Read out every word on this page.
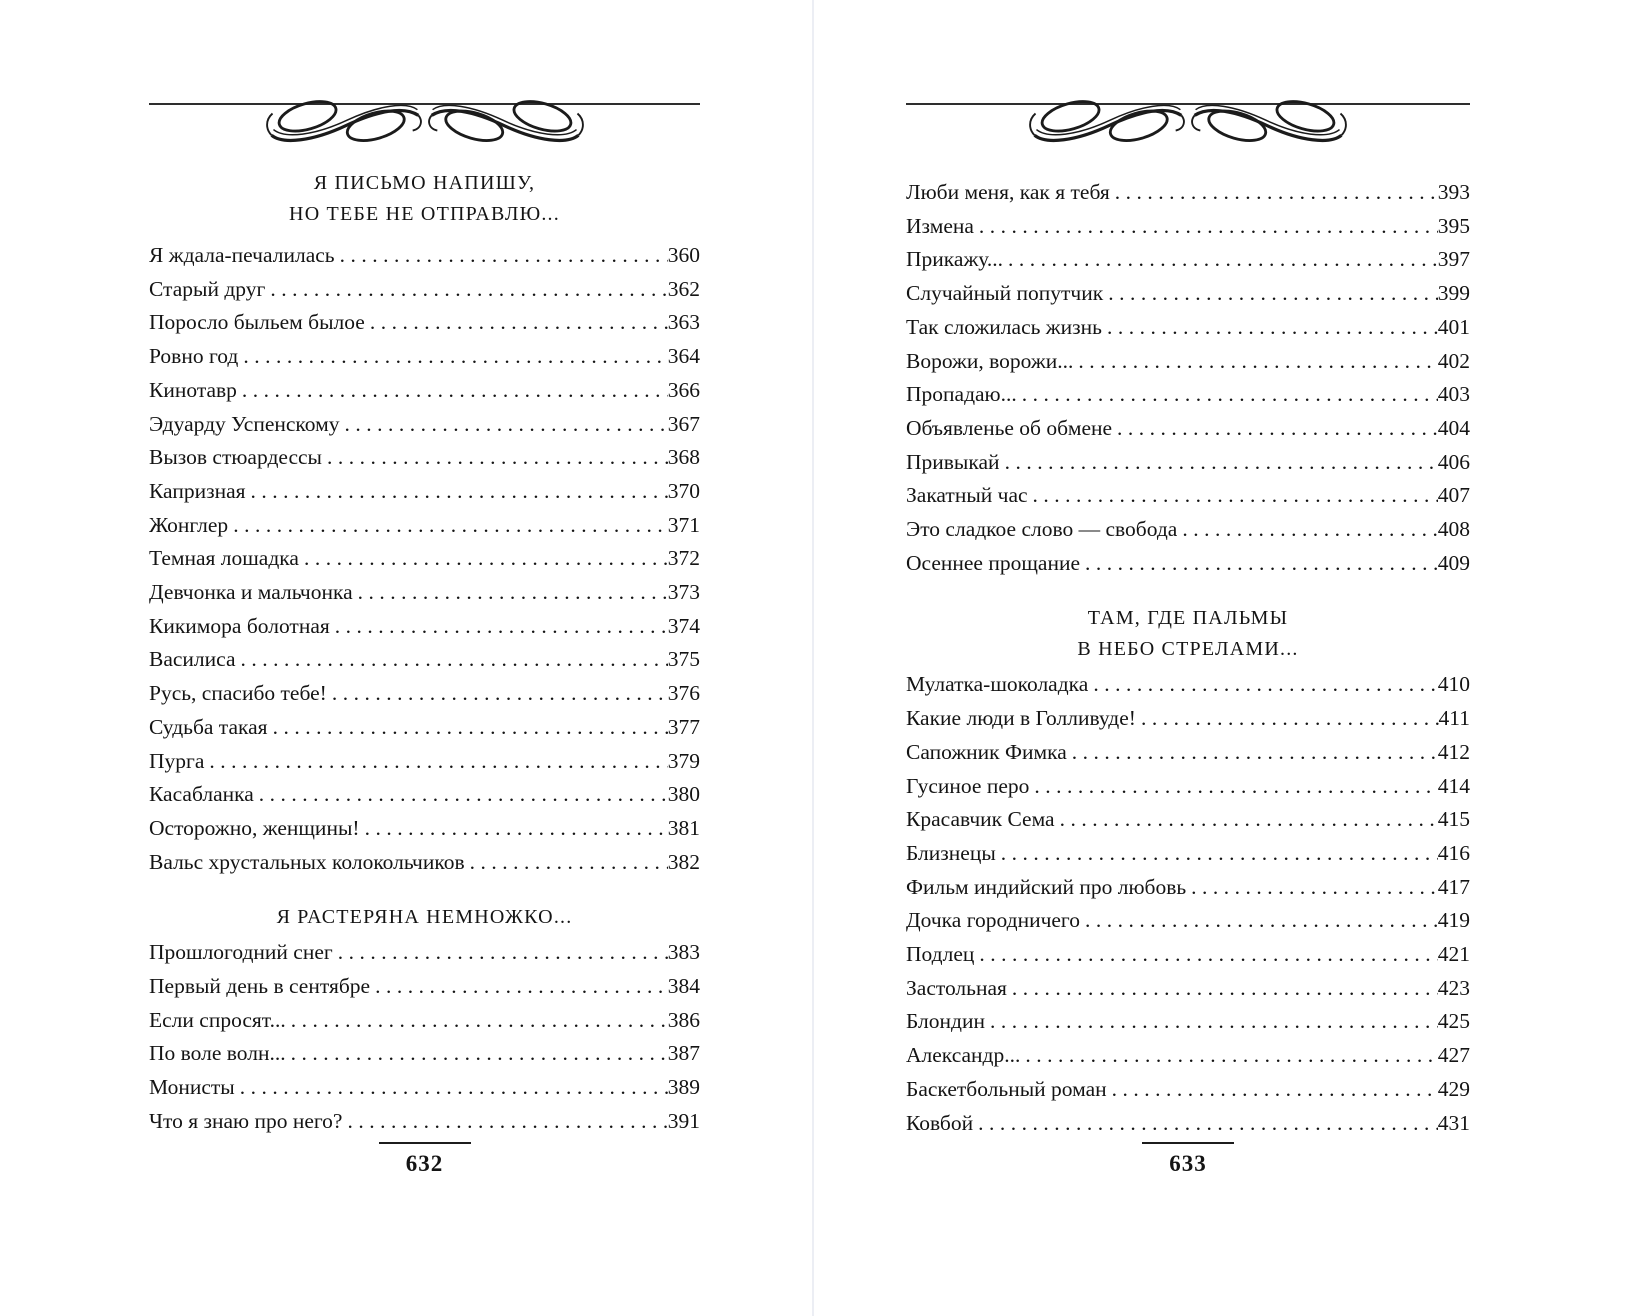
Я ПИСЬМО НАПИШУ,
НО ТЕБЕ НЕ ОТПРАВЛЮ...
Я ждала-печалилась .....	360
Старый друг .....	362
Поросло быльем былое .....	363
Ровно год .....	364
Кинотавр .....	366
Эдуарду Успенскому .....	367
Вызов стюардессы .....	368
Капризная .....	370
Жонглер .....	371
Темная лошадка .....	372
Девчонка и мальчонка .....	373
Кикимора болотная .....	374
Василиса .....	375
Русь, спасибо тебе! .....	376
Судьба такая .....	377
Пурга .....	379
Касабланка .....	380
Осторожно, женщины! .....	381
Вальс хрустальных колокольчиков .....	382
Я РАСТЕРЯНА НЕМНОЖКО...
Прошлогодний снег .....	383
Первый день в сентябре .....	384
Если спросят... .....	386
По воле волн... .....	387
Монисты .....	389
Что я знаю про него? .....	391
632
Люби меня, как я тебя .....	393
Измена .....	395
Прикажу... .....	397
Случайный попутчик .....	399
Так сложилась жизнь .....	401
Ворожи, ворожи... .....	402
Пропадаю... .....	403
Объявленье об обмене .....	404
Привыкай .....	406
Закатный час .....	407
Это сладкое слово — свобода .....	408
Осеннее прощание .....	409
ТАМ, ГДЕ ПАЛЬМЫ
В НЕБО СТРЕЛАМИ...
Мулатка-шоколадка .....	410
Какие люди в Голливуде! .....	411
Сапожник Фимка .....	412
Гусиное перо .....	414
Красавчик Сема .....	415
Близнецы .....	416
Фильм индийский про любовь .....	417
Дочка городничего .....	419
Подлец .....	421
Застольная .....	423
Блондин .....	425
Александр... .....	427
Баскетбольный роман .....	429
Ковбой .....	431
633
